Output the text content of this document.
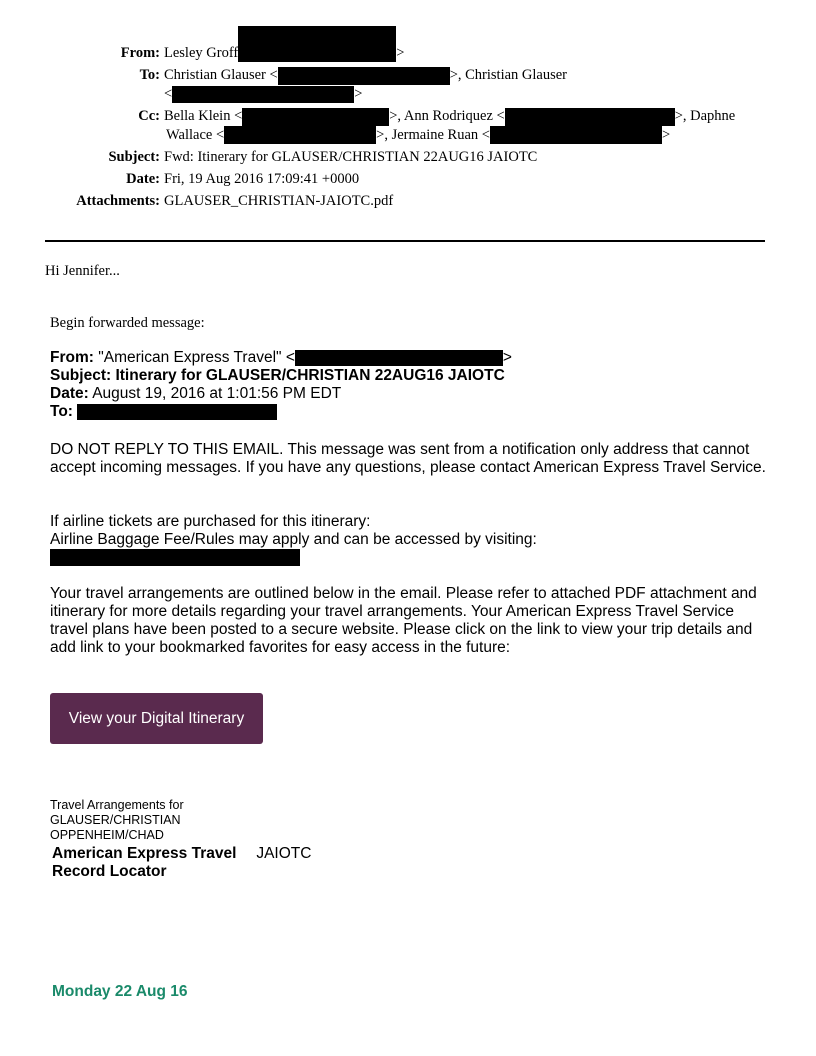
From: Lesley Groff	>
To: Christian Glauser <	>, Christian Glauser
<	>
Cc: Bella Klein <	>, Ann Rodriquez <	>, Daphne
Wallace <	>, Jermaine Ruan <	>
Subject: Fwd: Itinerary for GLAUSER/CHRISTIAN 22AUG16 JAIOTC
Date: Fri, 19 Aug 2016 17:09:41 +0000
Attachments: GLAUSER_CHRISTIAN-JAIOTC.pdf
Hi Jennifer...
Begin forwarded message:
From: "American Express Travel" <	>
Subject: Itinerary for GLAUSER/CHRISTIAN 22AUG16 JAIOTC
Date: August 19, 2016 at 1:01:56 PM EDT
To:
DO NOT REPLY TO THIS EMAIL. This message was sent from a notification only address that cannot accept incoming messages. If you have any questions, please contact American Express Travel Service.
If airline tickets are purchased for this itinerary:
Airline Baggage Fee/Rules may apply and can be accessed by visiting:
Your travel arrangements are outlined below in the email. Please refer to attached PDF attachment and itinerary for more details regarding your travel arrangements. Your American Express Travel Service travel plans have been posted to a secure website. Please click on the link to view your trip details and add link to your bookmarked favorites for easy access in the future:
View your Digital Itinerary
Travel Arrangements for
GLAUSER/CHRISTIAN
OPPENHEIM/CHAD
American Express Travel
Record Locator
JAIOTC
Monday 22 Aug 16
